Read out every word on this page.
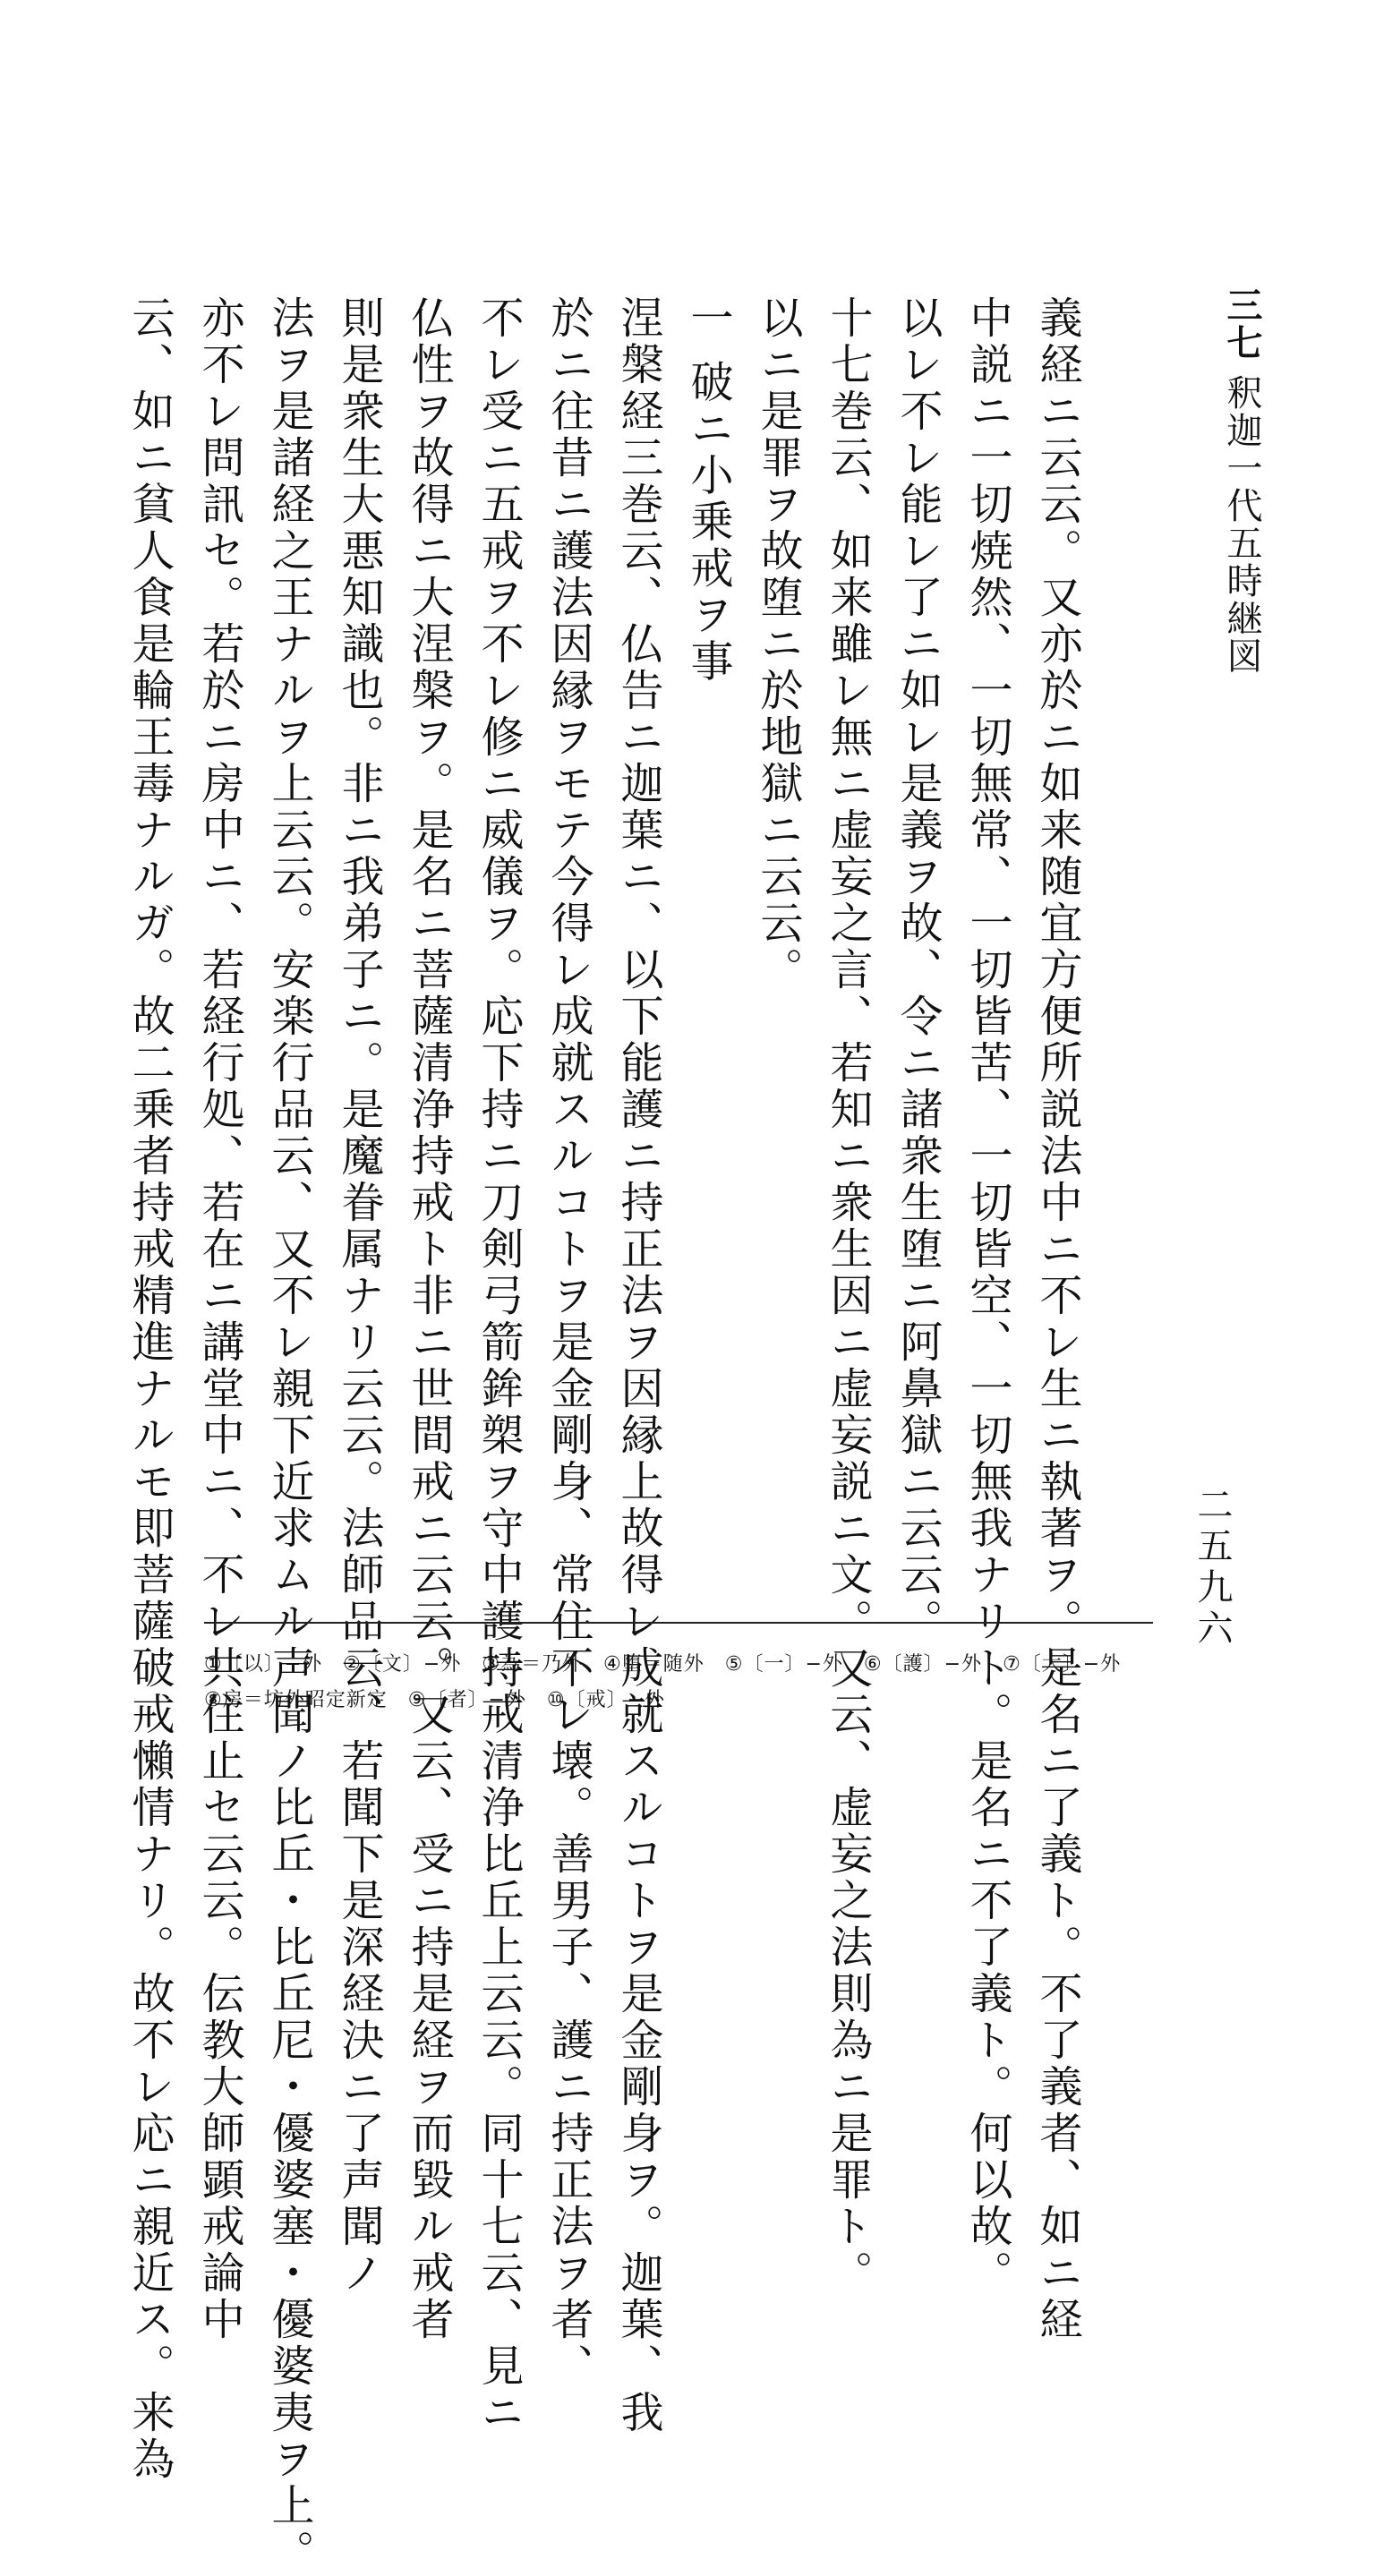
三七
釈迦一代五時継図
二五九六
義経ニ云云。又亦於ニ如来随宜方便所説法中ニ不レ生ニ執著ヲ。是名ニ了義ト。不了義者、如ニ経
中説ニ一切焼然、一切無常、一切皆苦、一切皆空、一切無我ナリト。是名ニ不了義ト。何以故。
以レ不レ能レ了ニ如レ是義ヲ故、令ニ諸衆生堕ニ阿鼻獄ニ云云。
十七巻云、如来雖レ無ニ虚妄之言、若知ニ衆生因ニ虚妄説ニ文。又云、虚妄之法則為ニ是罪ト。
以ニ是罪ヲ故堕ニ於地獄ニ云云。
一 破ニ小乗戒ヲ事
涅槃経三巻云、仏告ニ迦葉ニ、以下能護ニ持正法ヲ因縁上故得レ成就スルコトヲ是金剛身ヲ。迦葉、我
於ニ往昔ニ護法因縁ヲモテ今得レ成就スルコトヲ是金剛身、常住不レ壊。善男子、護ニ持正法ヲ者、
不レ受ニ五戒ヲ不レ修ニ威儀ヲ。応下持ニ刀剣弓箭鉾槊ヲ守中護持戒清浄比丘上云云。同十七云、見ニ
仏性ヲ故得ニ大涅槃ヲ。是名ニ菩薩清浄持戒ト非ニ世間戒ニ云云。又云、受ニ持是経ヲ而毀ル戒者
則是衆生大悪知識也。非ニ我弟子ニ。是魔眷属ナリ云云。法師品云、若聞下是深経決ニ了声聞ノ
法ヲ是諸経之王ナルヲ上云云。安楽行品云、又不レ親下近求ムル声聞ノ比丘・比丘尼・優婆塞・優婆夷ヲ上。
亦不レ問訊セ。若於ニ房中ニ、若経行処、若在ニ講堂中ニ、不レ共住止セ云云。伝教大師顕戒論中
云、如ニ貧人食是輪王毒ナルガ。故二乗者持戒精進ナルモ即菩薩破戒懶情ナリ。故不レ応ニ親近ス。来為	①〔以〕−外　②〔文〕−外　③為＝乃外　④堕＝随外　⑤〔一〕−外　⑥〔護〕−外　⑦〔大〕−外
⑧房＝坊外昭定新定　⑨〔者〕−外　⑩〔戒〕−外
